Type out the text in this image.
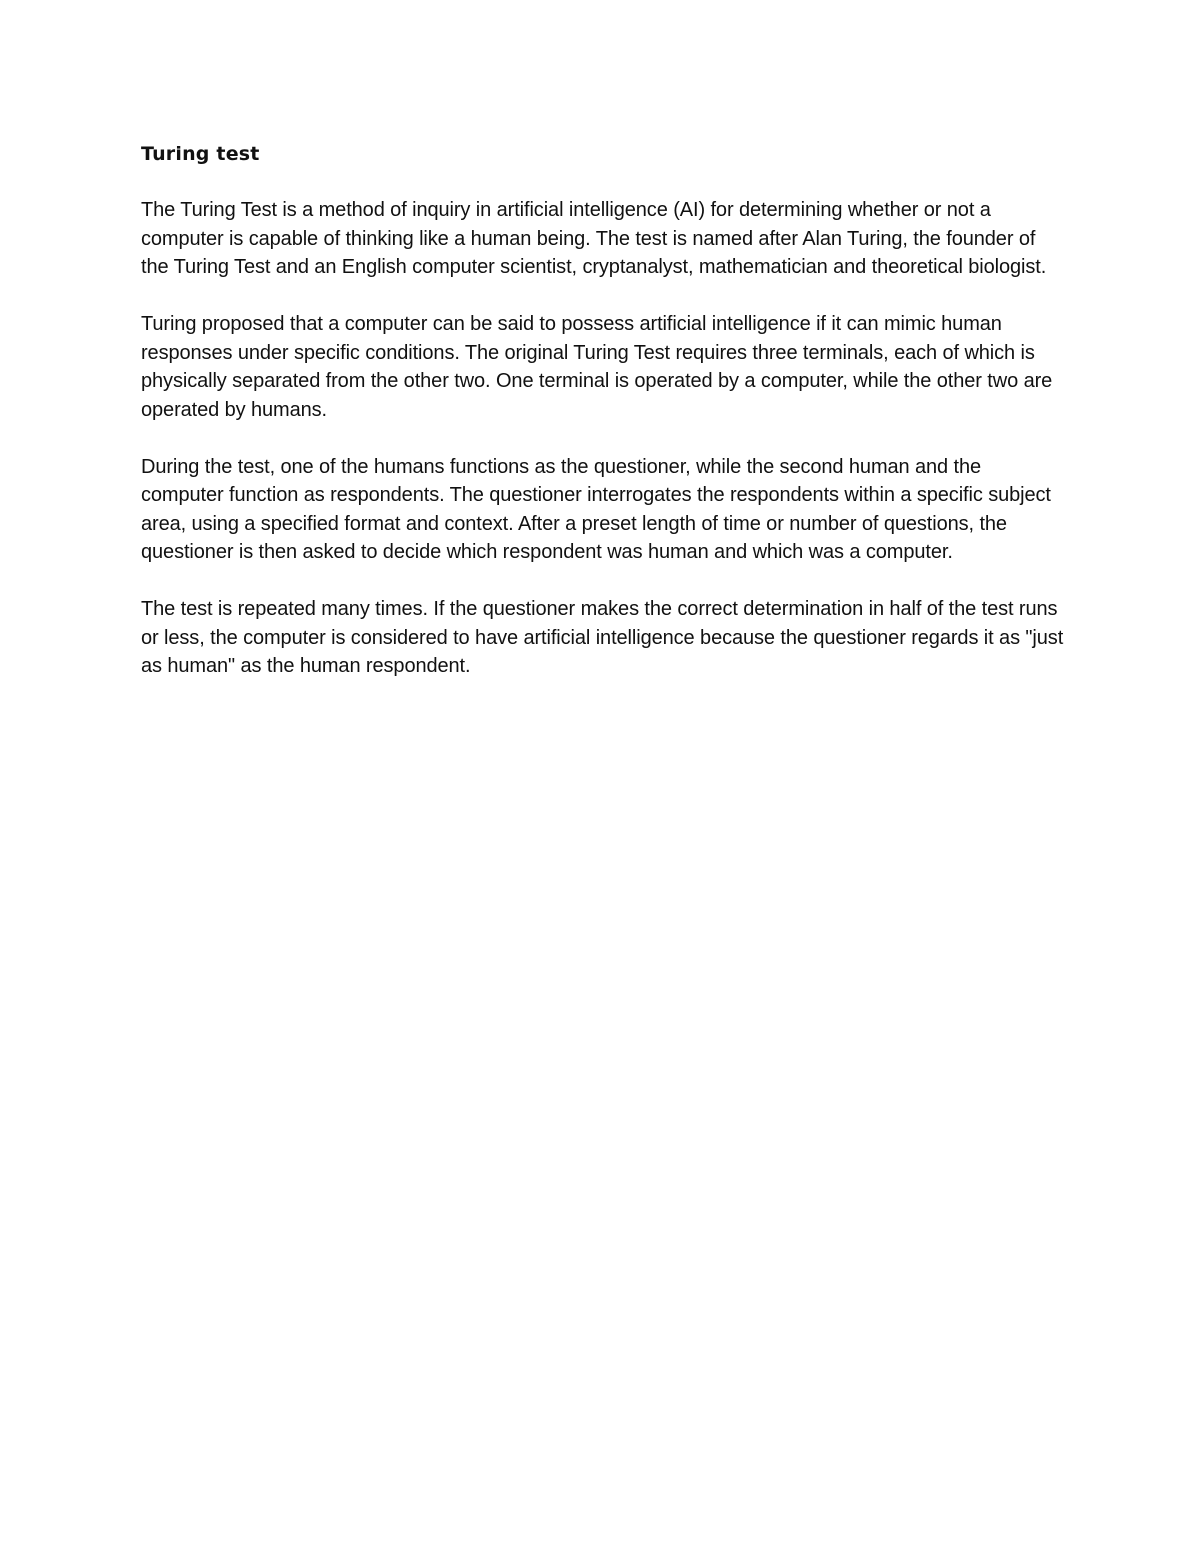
Turing test

The Turing Test is a method of inquiry in artificial intelligence (AI) for determining whether or not a computer is capable of thinking like a human being. The test is named after Alan Turing, the founder of the Turing Test and an English computer scientist, cryptanalyst, mathematician and theoretical biologist.

Turing proposed that a computer can be said to possess artificial intelligence if it can mimic human responses under specific conditions. The original Turing Test requires three terminals, each of which is physically separated from the other two. One terminal is operated by a computer, while the other two are operated by humans.

During the test, one of the humans functions as the questioner, while the second human and the computer function as respondents. The questioner interrogates the respondents within a specific subject area, using a specified format and context. After a preset length of time or number of questions, the questioner is then asked to decide which respondent was human and which was a computer.

The test is repeated many times. If the questioner makes the correct determination in half of the test runs or less, the computer is considered to have artificial intelligence because the questioner regards it as "just as human" as the human respondent.
